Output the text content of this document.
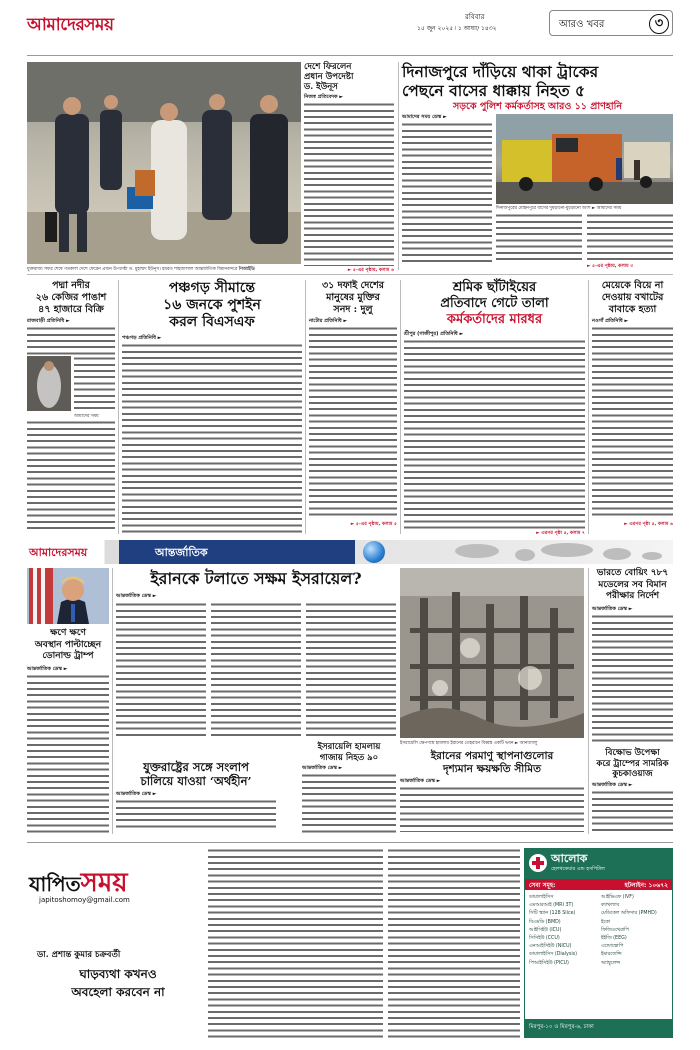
আমাদেরসময়	রবিবার
১৫ জুন ২০২৫ ৷ ১ আষাঢ় ১৪৩২	আরও খবর	৩
যুক্তরাজ্য সফর শেষে গতকাল দেশে ফেরেন প্রধান উপদেষ্টা ড. মুহাম্মদ ইউনূস। হযরত শাহজালাল আন্তর্জাতিক বিমানবন্দরে পিআইডি
দেশে ফিরলেন
প্রধান উপদেষ্টা
ড. ইউনূস
নিজস্ব প্রতিবেদক ►
► ৫-এর পৃষ্ঠায়, কলাম ৬
দিনাজপুরে দাঁড়িয়ে থাকা ট্রাকের
পেছনে বাসের ধাক্কায় নিহত ৫
সড়কে পুলিশ কর্মকর্তাসহ আরও ১১ প্রাণহানি
আমাদের সময় ডেস্ক ►
দিনাজপুরের মোহনপুরে বাসের দুমড়ানো-মুচড়ানো অংশ ► আমাদের সময়
► ৫-এর পৃষ্ঠায়, কলাম ৩
পদ্মা নদীর
২৬ কেজির পাঙাশ
৪৭ হাজারে বিক্রি
রাজবাড়ী প্রতিনিধি ►
আমাদের সময়
পঞ্চগড় সীমান্তে
১৬ জনকে পুশইন
করল বিএসএফ
পঞ্চগড় প্রতিনিধি ►
৩১ দফাই দেশের
মানুষের মুক্তির
সনদ : দুলু
নাটোর প্রতিনিধি ►
► ৫-এর পৃষ্ঠায়, কলাম ৫
শ্রমিক ছাঁটাইয়ের
প্রতিবাদে গেটে তালা
কর্মকর্তাদের মারধর
শ্রীপুর (গাজীপুর) প্রতিনিধি ►
► এরপর পৃষ্ঠা ৫, কলাম ৭
মেয়েকে বিয়ে না
দেওয়ায় বখাটের
বাবাকে হত্যা
নওগাঁ প্রতিনিধি ►
► এরপর পৃষ্ঠা ৫, কলাম ৬
আমাদেরসময়	আন্তর্জাতিক
ক্ষণে ক্ষণে
অবস্থান পাল্টাচ্ছেন
ডোনাল্ড ট্রাম্প
আন্তর্জাতিক ডেস্ক ►
ইরানকে টলাতে সক্ষম ইসরায়েল?
আন্তর্জাতিক ডেস্ক ►
ইসরায়েলি ক্ষেপণাস্ত্র হামলায় ইরানের তেহরানে বিধ্বস্ত একটি ভবন ► আনাদোলু
ভারতে বোয়িং ৭৮৭
মডেলের সব বিমান
পরীক্ষার নির্দেশ
আন্তর্জাতিক ডেস্ক ►
যুক্তরাষ্ট্রের সঙ্গে সংলাপ
চালিয়ে যাওয়া ‘অর্থহীন’
আন্তর্জাতিক ডেস্ক ►
ইসরায়েলি হামলায়
গাজায় নিহত ৯০
আন্তর্জাতিক ডেস্ক ►
ইরানের পরমাণু স্থাপনাগুলোর
দৃশ্যমান ক্ষয়ক্ষতি সীমিত
আন্তর্জাতিক ডেস্ক ►
বিক্ষোভ উপেক্ষা
করে ট্রাম্পের সামরিক
কুচকাওয়াজ
আন্তর্জাতিক ডেস্ক ►
যাপিতসময়
japitoshomoy@gmail.com
ডা. প্রশান্ত কুমার চক্রবর্তী
ঘাড়ব্যথা কখনও
অবহেলা করবেন না
আলোক
হেলথকেয়ার এন্ড হসপিটাল
সেবা সমূহ:	হটলাইন: ১০৬৭২
ডায়ালাইসিস
এমআরআই (MRI 3T)
সিটি স্ক্যান (128 Slice)
বিএমডি (BMD)
আইসিইউ (ICU)
সিসিইউ (CCU)
এনআইসিইউ (NICU)
ডায়ালাইসিস (Dialysis)
পিআইসিইউ (PICU)
আইভিএফ (IVF)
ক্যাথল্যাব
মেডিকেল অফিসার (PMHD)
ইকো
ফিজিওথেরাপি
ইইজি (EEG)
এন্ডোস্কোপি
ইমারজেন্সি
অ্যাম্বুলেন্স
মিরপুর-১০ ও মিরপুর-৬, ঢাকা
